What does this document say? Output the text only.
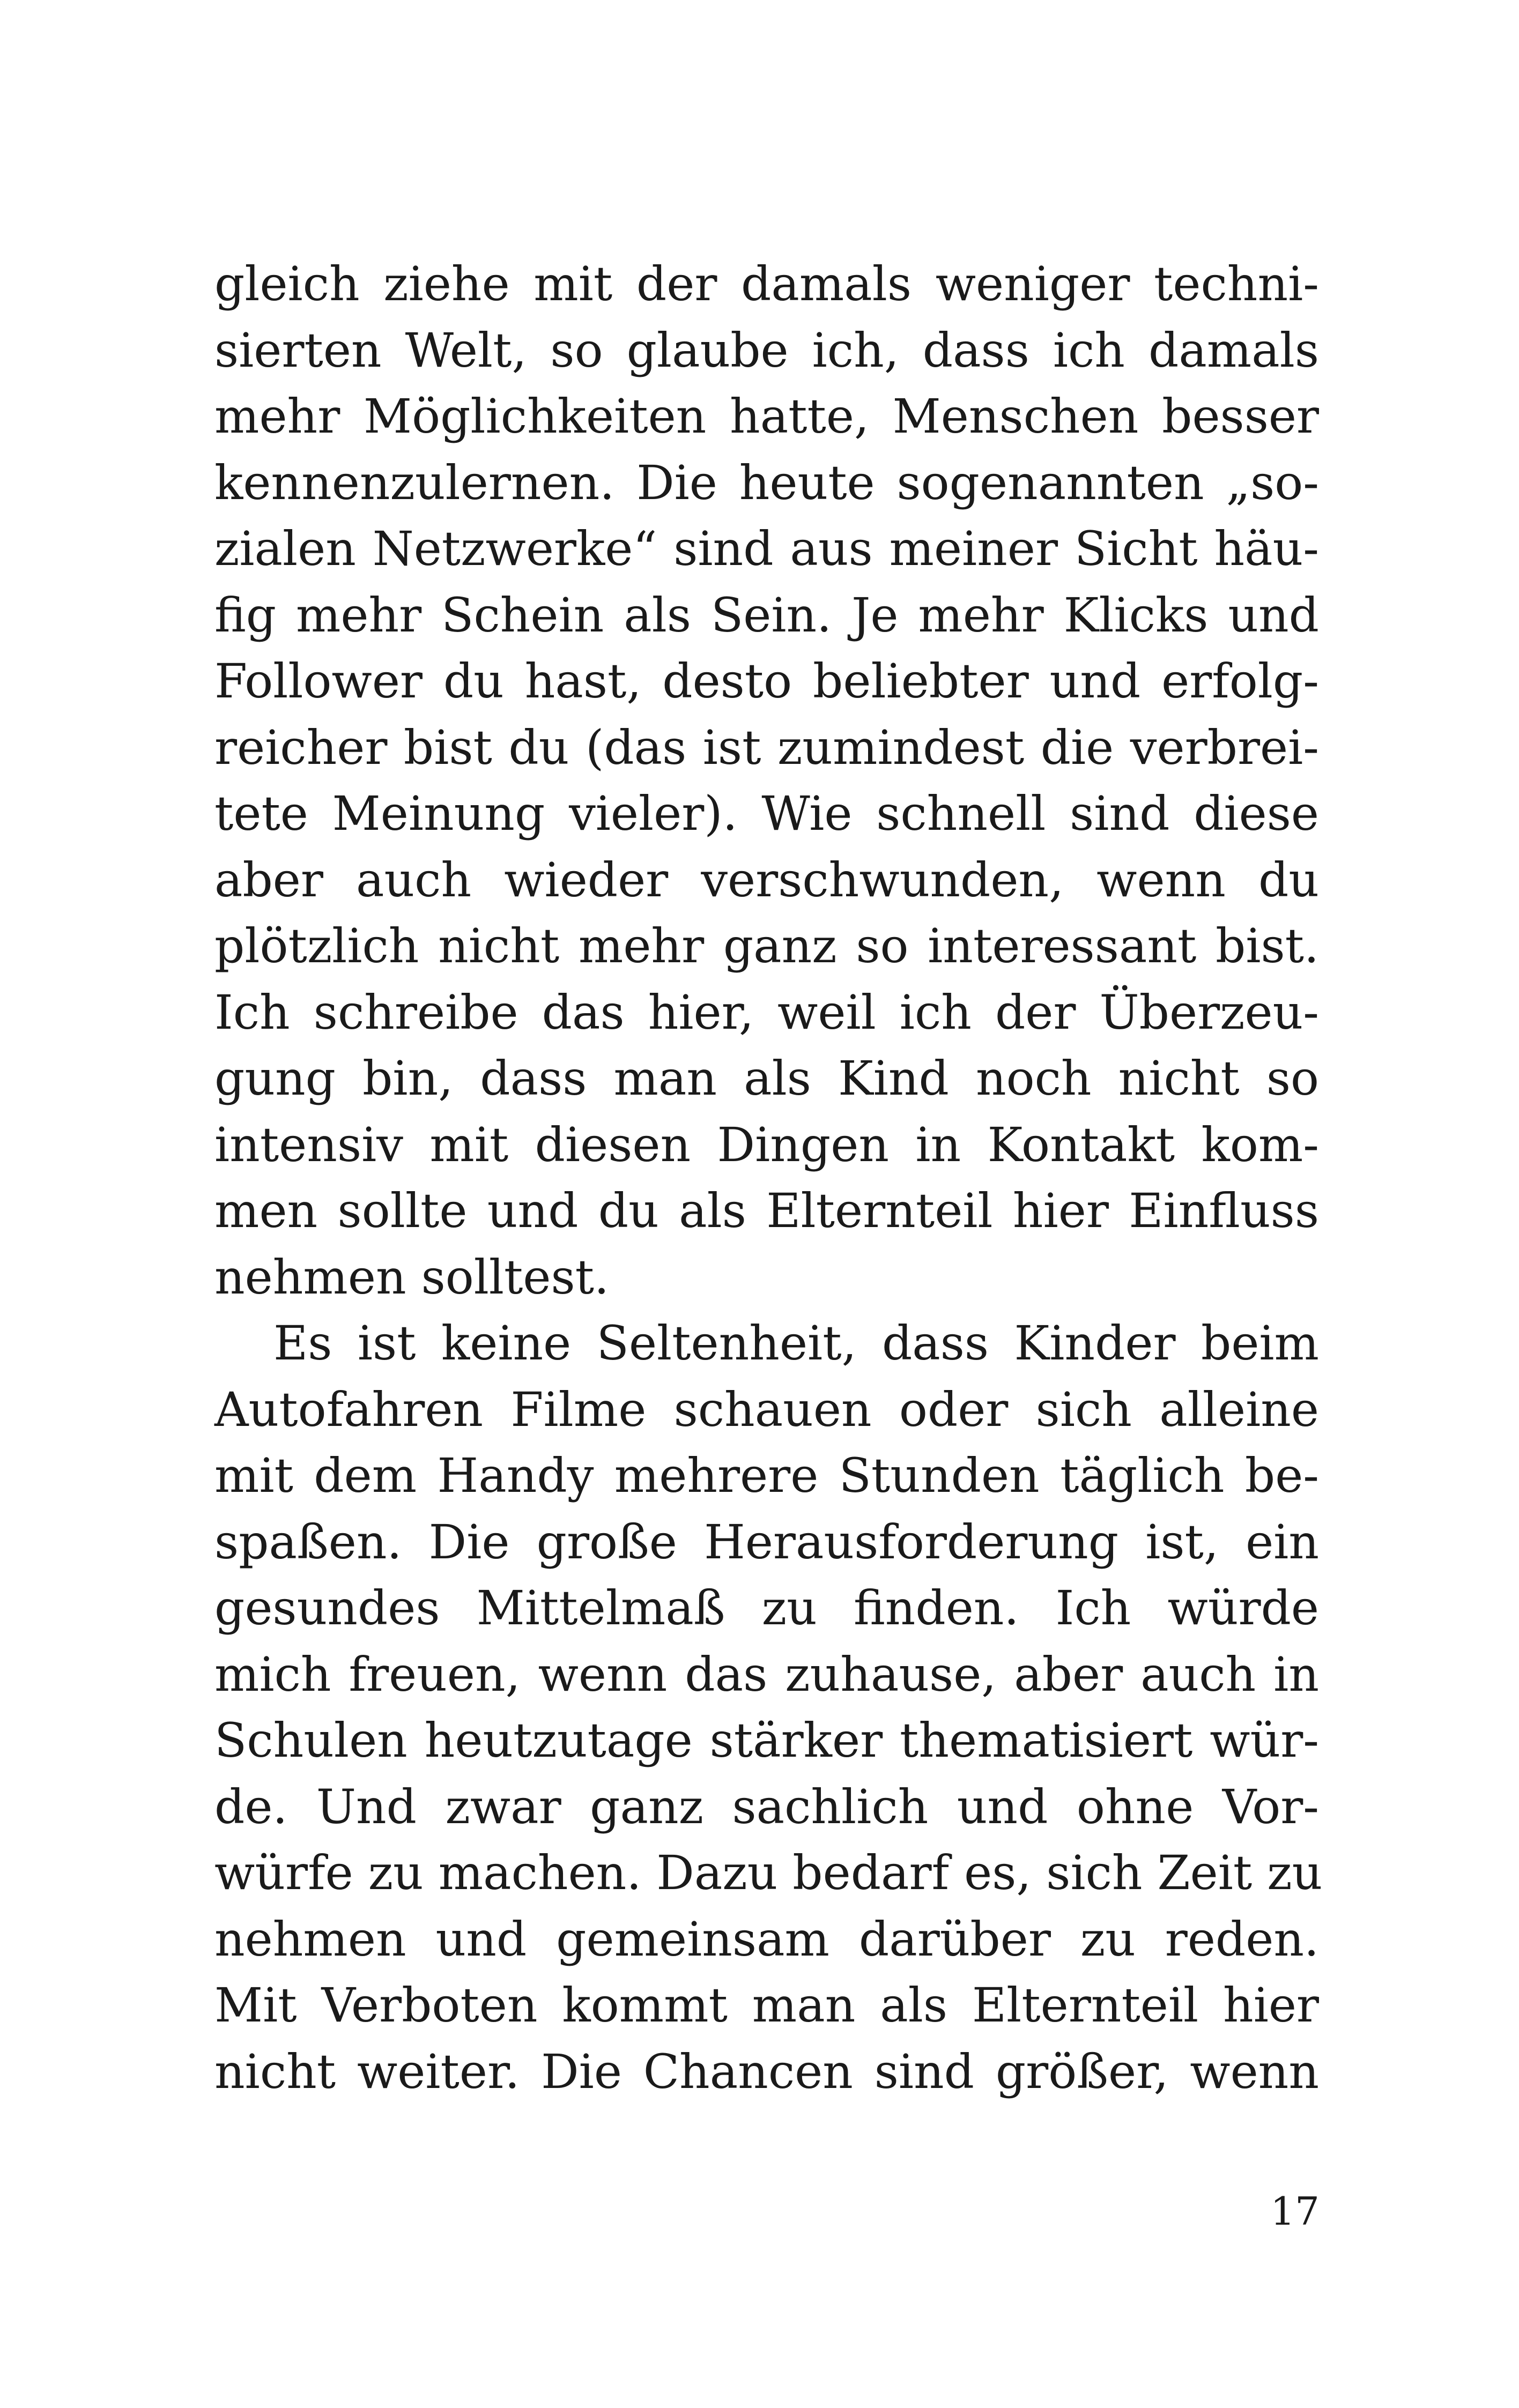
gleich ziehe mit der damals weniger techni-
sierten Welt, so glaube ich, dass ich damals
mehr Möglichkeiten hatte, Menschen besser
kennenzulernen. Die heute sogenannten „so-
zialen Netzwerke“ sind aus meiner Sicht häu-
fig mehr Schein als Sein. Je mehr Klicks und
Follower du hast, desto beliebter und erfolg-
reicher bist du (das ist zumindest die verbrei-
tete Meinung vieler). Wie schnell sind diese
aber auch wieder verschwunden, wenn du
plötzlich nicht mehr ganz so interessant bist.
Ich schreibe das hier, weil ich der Überzeu-
gung bin, dass man als Kind noch nicht so
intensiv mit diesen Dingen in Kontakt kom-
men sollte und du als Elternteil hier Einfluss
nehmen solltest.
Es ist keine Seltenheit, dass Kinder beim
Autofahren Filme schauen oder sich alleine
mit dem Handy mehrere Stunden täglich be-
spaßen. Die große Herausforderung ist, ein
gesundes Mittelmaß zu finden. Ich würde
mich freuen, wenn das zuhause, aber auch in
Schulen heutzutage stärker thematisiert wür-
de. Und zwar ganz sachlich und ohne Vor-
würfe zu machen. Dazu bedarf es, sich Zeit zu
nehmen und gemeinsam darüber zu reden.
Mit Verboten kommt man als Elternteil hier
nicht weiter. Die Chancen sind größer, wenn
17
